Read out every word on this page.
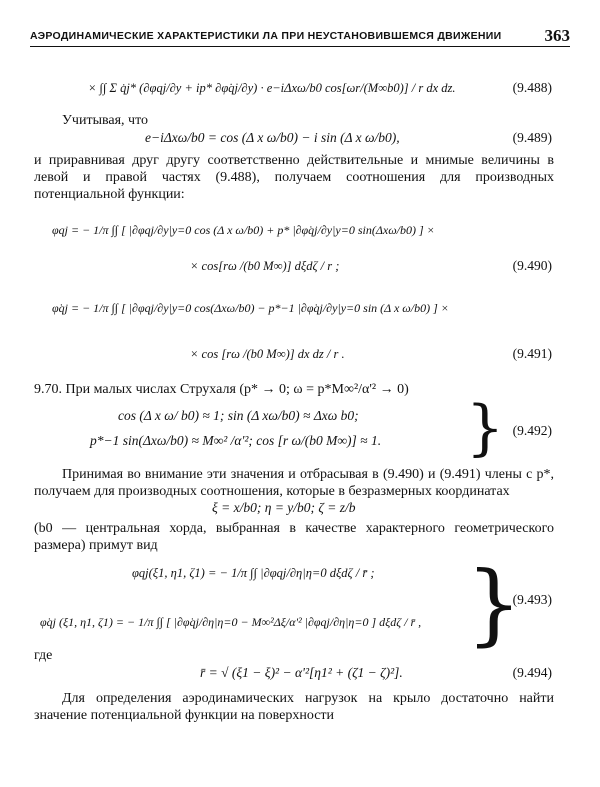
АЭРОДИНАМИЧЕСКИЕ ХАРАКТЕРИСТИКИ ЛА ПРИ НЕУСТАНОВИВШЕМСЯ ДВИЖЕНИИ	363
× ∫∫ Σ q̇j* (∂φqj/∂y + ip* ∂φ̇qj/∂y) · e−iΔxω/b0 cos[ωr/(M∞b0)] / r dx dz.	(9.488)
Учитывая, что
e−iΔxω/b0 = cos (Δ x ω/b0) − i sin (Δ x ω/b0),	(9.489)
и приравнивая друг другу соответственно действительные и мнимые величины в левой и правой частях (9.488), получаем соотношения для производных потенциальной функции:
φqj = − 1/π ∫∫ [ |∂φqj/∂y|y=0 cos (Δ x ω/b0) + p* |∂φ̇qj/∂y|y=0 sin(Δxω/b0) ] ×
× cos[rω /(b0 M∞)] dξdζ / r ;	(9.490)
φ̇qj = − 1/π ∫∫ [ |∂φqj/∂y|y=0 cos(Δxω/b0) − p*−1 |∂φ̇qj/∂y|y=0 sin (Δ x ω/b0) ] ×
× cos [rω /(b0 M∞)] dx dz / r .	(9.491)
9.70. При малых числах Струхаля (p* → 0; ω = p*M∞²/α'² → 0)
cos (Δ x ω/ b0) ≈ 1; sin (Δ xω/b0) ≈ Δxω b0;
p*−1 sin(Δxω/b0) ≈ M∞² /α'²; cos [r ω/(b0 M∞)] ≈ 1. } (9.492)
Принимая во внимание эти значения и отбрасывая в (9.490) и (9.491) члены с p*, получаем для производных соотношения, которые в безразмерных координатах
ξ = x/b0; η = y/b0; ζ = z/b
(b0 — центральная хорда, выбранная в качестве характерного геометрического размера) примут вид
φqj(ξ1, η1, ζ1) = − 1/π ∫∫ |∂φqj/∂η|η=0 dξdζ / r̄ ;
φ̇qj (ξ1, η1, ζ1) = − 1/π ∫∫ [ |∂φ̇qj/∂η|η=0 − M∞²Δξ/α'² |∂φqj/∂η|η=0 ] dξdζ / r̄ , }
(9.493)
где
r̄ = √ (ξ1 − ξ)² − α'²[η1² + (ζ1 − ζ)²].	(9.494)
Для определения аэродинамических нагрузок на крыло достаточно найти значение потенциальной функции на поверхности
